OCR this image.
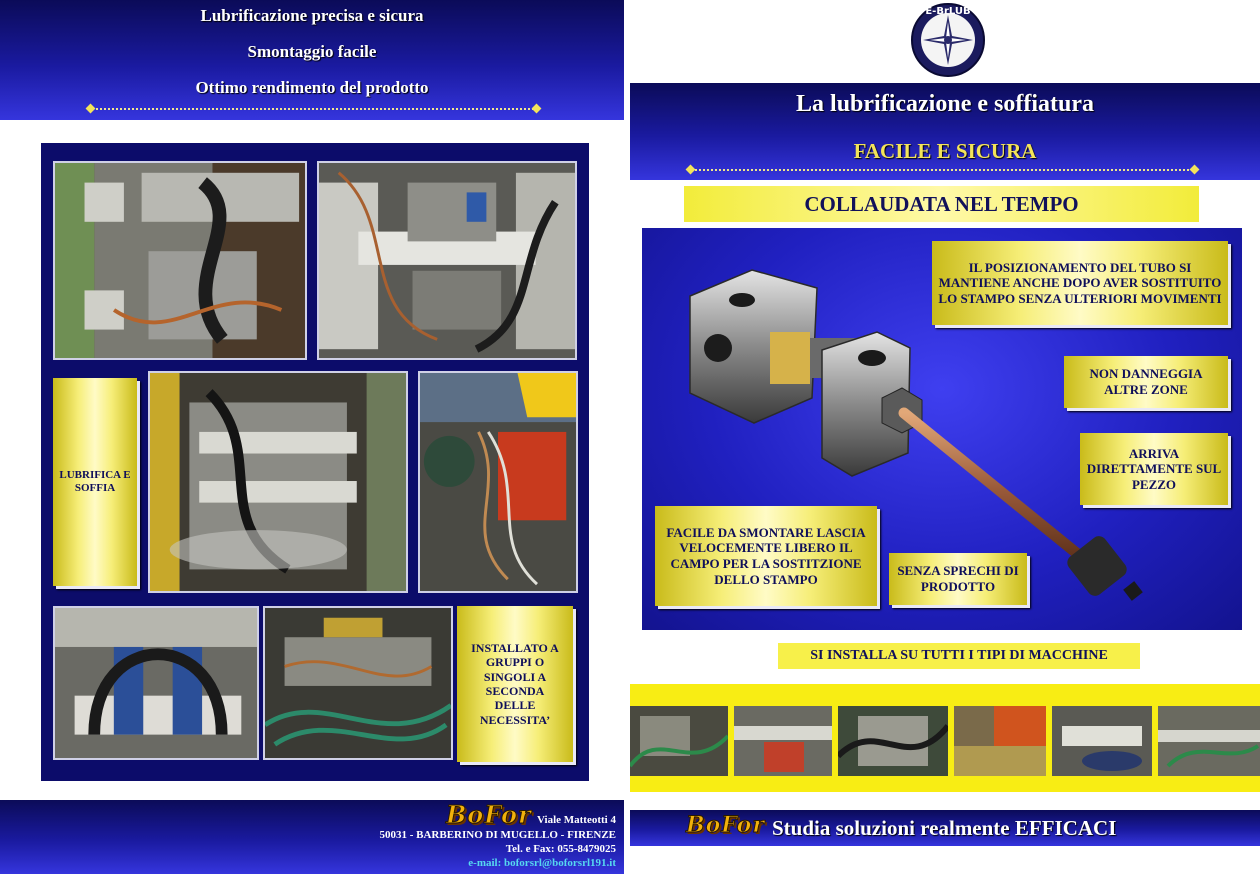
Lubrificazione precisa e sicura
Smontaggio facile
Ottimo rendimento del prodotto
LUBRIFICA E SOFFIA
INSTALLATO A GRUPPI O SINGOLI A SECONDA DELLE NECESSITA’
BoFor Viale Matteotti 4
50031 - BARBERINO DI MUGELLO - FIRENZE
Tel. e Fax: 055-8479025
e-mail: boforsrl@boforsrl191.it
E-BrLUB
La lubrificazione e soffiatura
FACILE E SICURA
COLLAUDATA NEL TEMPO
IL POSIZIONAMENTO DEL TUBO SI MANTIENE ANCHE DOPO AVER SOSTITUITO LO STAMPO SENZA ULTERIORI MOVIMENTI
NON DANNEGGIA ALTRE ZONE
ARRIVA DIRETTAMENTE SUL PEZZO
FACILE DA SMONTARE LASCIA VELOCEMENTE LIBERO IL CAMPO PER LA SOSTITZIONE DELLO STAMPO
SENZA SPRECHI DI PRODOTTO
SI INSTALLA SU TUTTI I TIPI DI MACCHINE
BoFor Studia soluzioni realmente EFFICACI
